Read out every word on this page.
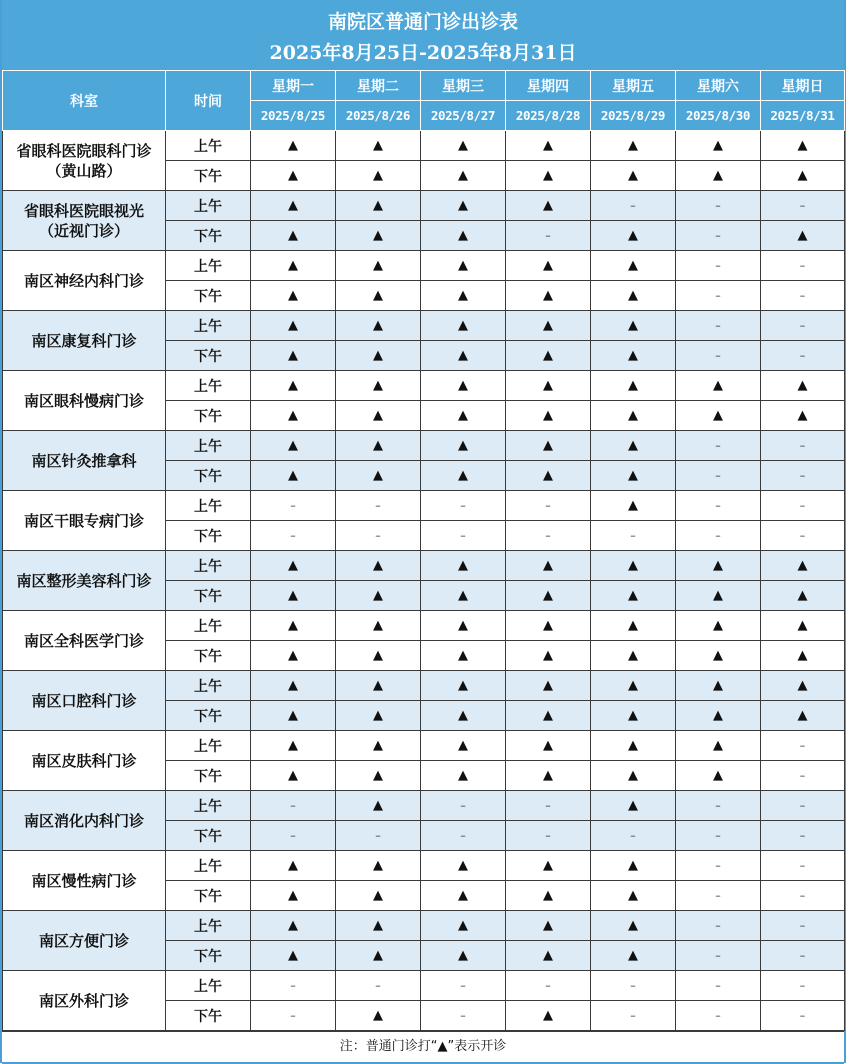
南院区普通门诊出诊表
2025年8月25日-2025年8月31日
科室	时间	星期一	星期二	星期三	星期四	星期五	星期六	星期日
		2025/8/25	2025/8/26	2025/8/27	2025/8/28	2025/8/29	2025/8/30	2025/8/31
省眼科医院眼科门诊
（黄山路）	上午	▲	▲	▲	▲	▲	▲	▲
	下午	▲	▲	▲	▲	▲	▲	▲
省眼科医院眼视光
（近视门诊）	上午	▲	▲	▲	▲	–	–	–
	下午	▲	▲	▲	–	▲	–	▲
南区神经内科门诊	上午	▲	▲	▲	▲	▲	–	–
	下午	▲	▲	▲	▲	▲	–	–
南区康复科门诊	上午	▲	▲	▲	▲	▲	–	–
	下午	▲	▲	▲	▲	▲	–	–
南区眼科慢病门诊	上午	▲	▲	▲	▲	▲	▲	▲
	下午	▲	▲	▲	▲	▲	▲	▲
南区针灸推拿科	上午	▲	▲	▲	▲	▲	–	–
	下午	▲	▲	▲	▲	▲	–	–
南区干眼专病门诊	上午	–	–	–	–	▲	–	–
	下午	–	–	–	–	–	–	–
南区整形美容科门诊	上午	▲	▲	▲	▲	▲	▲	▲
	下午	▲	▲	▲	▲	▲	▲	▲
南区全科医学门诊	上午	▲	▲	▲	▲	▲	▲	▲
	下午	▲	▲	▲	▲	▲	▲	▲
南区口腔科门诊	上午	▲	▲	▲	▲	▲	▲	▲
	下午	▲	▲	▲	▲	▲	▲	▲
南区皮肤科门诊	上午	▲	▲	▲	▲	▲	▲	–
	下午	▲	▲	▲	▲	▲	▲	–
南区消化内科门诊	上午	–	▲	–	–	▲	–	–
	下午	–	–	–	–	–	–	–
南区慢性病门诊	上午	▲	▲	▲	▲	▲	–	–
	下午	▲	▲	▲	▲	▲	–	–
南区方便门诊	上午	▲	▲	▲	▲	▲	–	–
	下午	▲	▲	▲	▲	▲	–	–
南区外科门诊	上午	–	–	–	–	–	–	–
	下午	–	▲	–	▲	–	–	–
注：普通门诊打“▲”表示开诊
